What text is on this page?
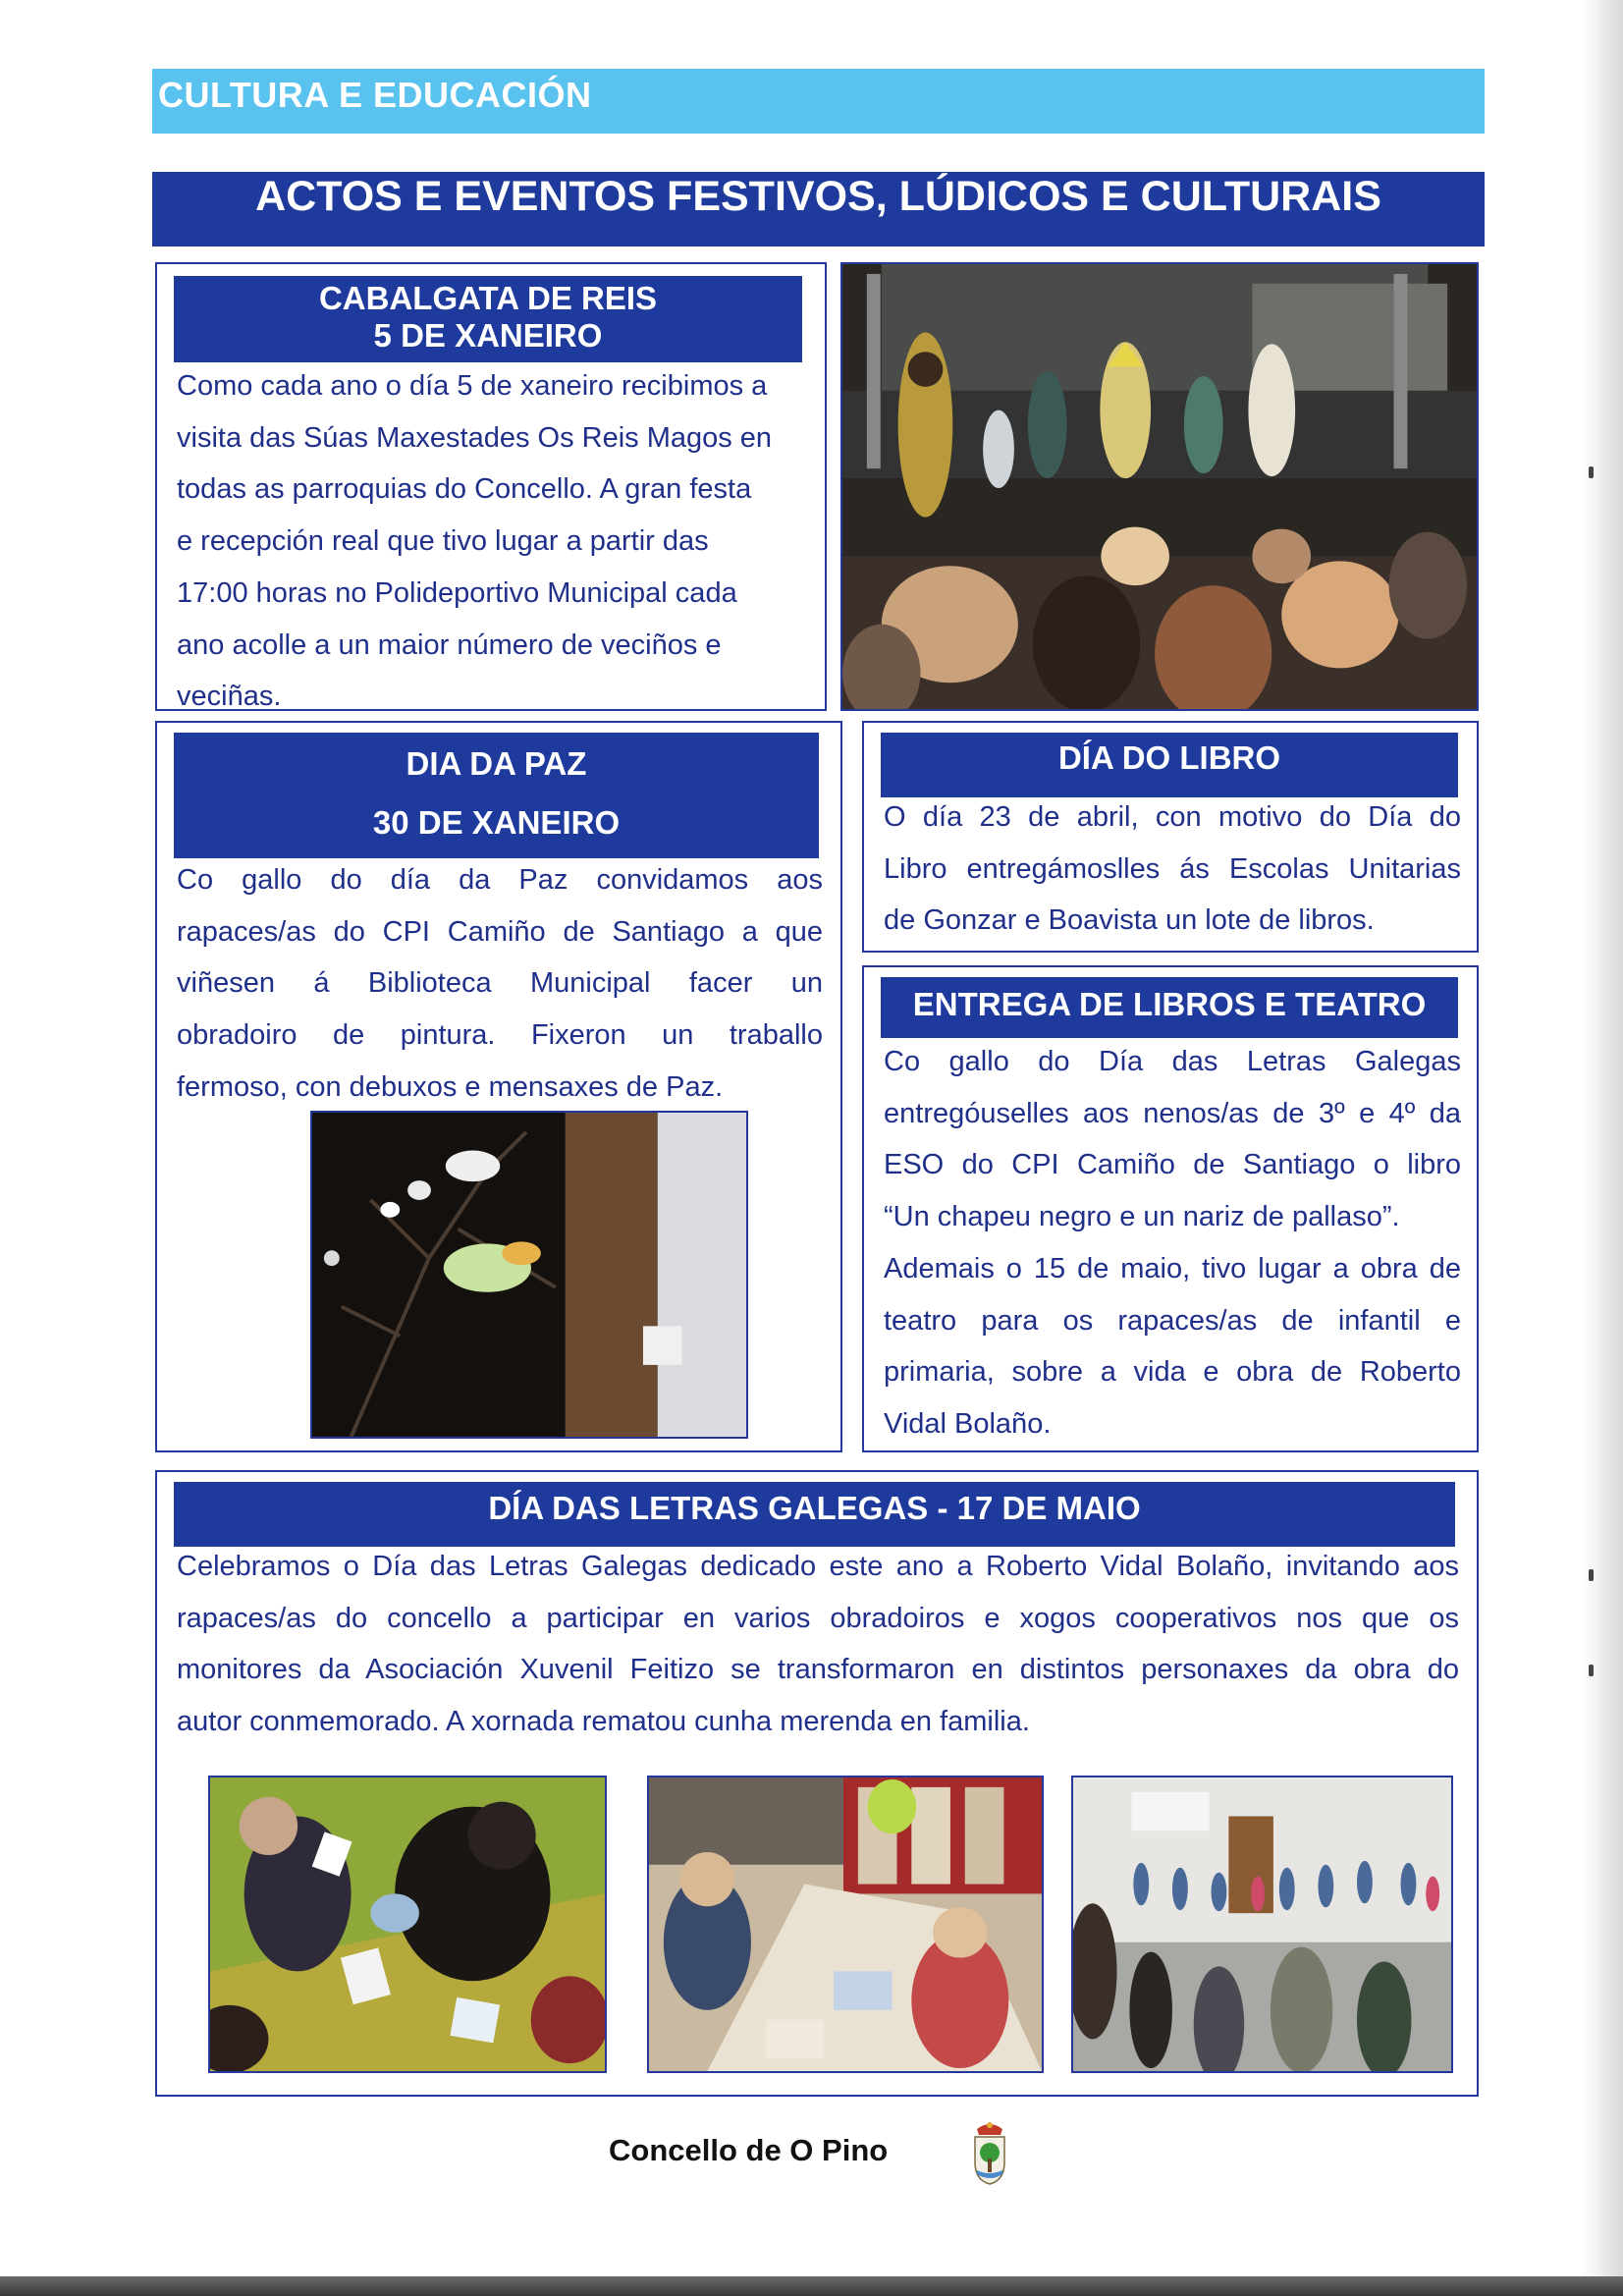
CULTURA E EDUCACIÓN
ACTOS E EVENTOS FESTIVOS, LÚDICOS E CULTURAIS
CABALGATA DE REIS
5 DE XANEIRO

Como cada ano o día 5 de xaneiro recibimos a

visita das Súas Maxestades Os Reis Magos en

todas as parroquias do Concello. A gran festa

e recepción real que tivo lugar a partir das

17:00 horas no Polideportivo Municipal cada

ano acolle a un maior número de veciños e

veciñas.

DIA DA PAZ
30 DE XANEIRO

Co gallo do día da Paz convidamos aos

rapaces/as do CPI Camiño de Santiago a que

viñesen á Biblioteca Municipal facer un

obradoiro de pintura. Fixeron un traballo

fermoso, con debuxos e mensaxes de Paz.

DÍA DO LIBRO

O día 23 de abril, con motivo do Día do

Libro entregámoslles ás Escolas Unitarias

de Gonzar e Boavista un lote de libros.

ENTREGA DE LIBROS E TEATRO

Co gallo do Día das Letras Galegas

entregóuselles aos nenos/as de 3º e 4º da

ESO do CPI Camiño de Santiago o libro

“Un chapeu negro e un nariz de pallaso”.

Ademais o 15 de maio, tivo lugar a obra de

teatro para os rapaces/as de infantil e

primaria, sobre a vida e obra de Roberto

Vidal Bolaño.

DÍA DAS LETRAS GALEGAS - 17 DE MAIO

Celebramos o Día das Letras Galegas dedicado este ano a Roberto Vidal Bolaño, invitando aos

rapaces/as do concello a participar en varios obradoiros e xogos cooperativos nos que os

monitores da Asociación Xuvenil Feitizo se transformaron en distintos personaxes da obra do

autor conmemorado. A xornada rematou cunha merenda en familia.

Concello de O Pino
